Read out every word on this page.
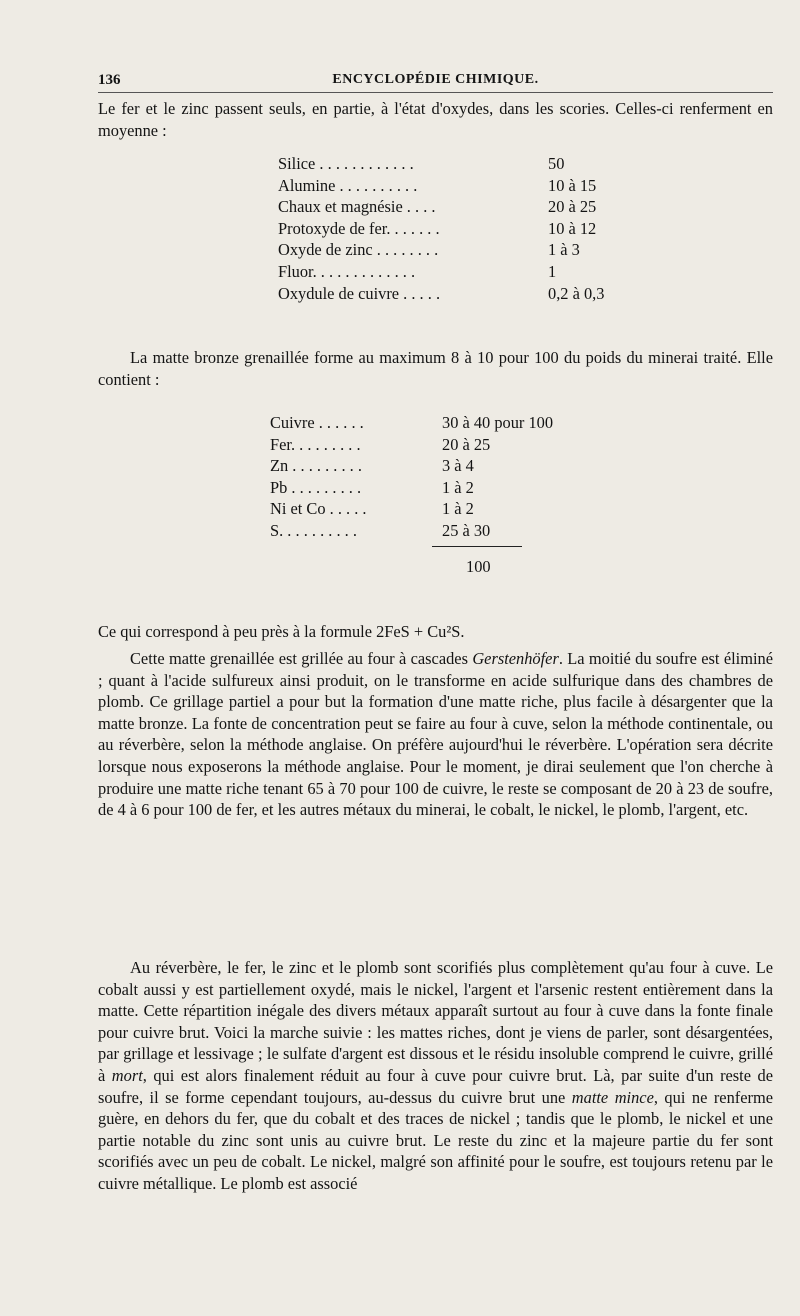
136	ENCYCLOPÉDIE CHIMIQUE.

Le fer et le zinc passent seuls, en partie, à l'état d'oxydes, dans les scories. Celles-ci renferment en moyenne :

Silice . . . . . . . . . . . .	50
Alumine . . . . . . . . . .	10 à 15
Chaux et magnésie . . . .	20 à 25
Protoxyde de fer. . . . . . .	10 à 12
Oxyde de zinc . . . . . . . .	1 à 3
Fluor. . . . . . . . . . . . .	1
Oxydule de cuivre . . . . .	0,2 à 0,3

La matte bronze grenaillée forme au maximum 8 à 10 pour 100 du poids du minerai traité. Elle contient :

Cuivre . . . . . .	30 à 40 pour 100
Fer. . . . . . . . .	20 à 25
Zn . . . . . . . . .	3 à 4
Pb . . . . . . . . .	1 à 2
Ni et Co . . . . .	1 à 2
S. . . . . . . . . .	25 à 30
100

Ce qui correspond à peu près à la formule 2FeS + Cu²S.

Cette matte grenaillée est grillée au four à cascades Gerstenhöfer. La moitié du soufre est éliminé ; quant à l'acide sulfureux ainsi produit, on le transforme en acide sulfurique dans des chambres de plomb. Ce grillage partiel a pour but la formation d'une matte riche, plus facile à désargenter que la matte bronze. La fonte de concentration peut se faire au four à cuve, selon la méthode continentale, ou au réverbère, selon la méthode anglaise. On préfère aujourd'hui le réverbère. L'opération sera décrite lorsque nous exposerons la méthode anglaise. Pour le moment, je dirai seulement que l'on cherche à produire une matte riche tenant 65 à 70 pour 100 de cuivre, le reste se composant de 20 à 23 de soufre, de 4 à 6 pour 100 de fer, et les autres métaux du minerai, le cobalt, le nickel, le plomb, l'argent, etc.

Au réverbère, le fer, le zinc et le plomb sont scorifiés plus complètement qu'au four à cuve. Le cobalt aussi y est partiellement oxydé, mais le nickel, l'argent et l'arsenic restent entièrement dans la matte. Cette répartition inégale des divers métaux apparaît surtout au four à cuve dans la fonte finale pour cuivre brut. Voici la marche suivie : les mattes riches, dont je viens de parler, sont désargentées, par grillage et lessivage ; le sulfate d'argent est dissous et le résidu insoluble comprend le cuivre, grillé à mort, qui est alors finalement réduit au four à cuve pour cuivre brut. Là, par suite d'un reste de soufre, il se forme cependant toujours, au-dessus du cuivre brut une matte mince, qui ne renferme guère, en dehors du fer, que du cobalt et des traces de nickel ; tandis que le plomb, le nickel et une partie notable du zinc sont unis au cuivre brut. Le reste du zinc et la majeure partie du fer sont scorifiés avec un peu de cobalt. Le nickel, malgré son affinité pour le soufre, est toujours retenu par le cuivre métallique. Le plomb est associé
